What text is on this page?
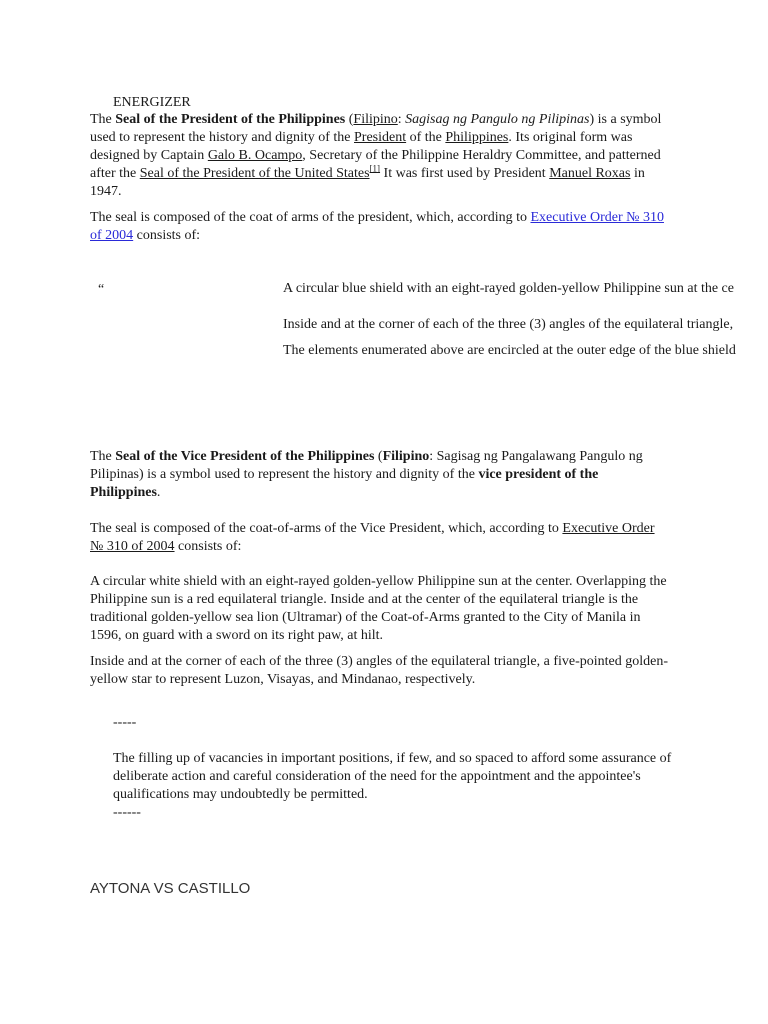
ENERGIZER
The Seal of the President of the Philippines (Filipino: Sagisag ng Pangulo ng Pilipinas) is a symbol used to represent the history and dignity of the President of the Philippines. Its original form was designed by Captain Galo B. Ocampo, Secretary of the Philippine Heraldry Committee, and patterned after the Seal of the President of the United States[1] It was first used by President Manuel Roxas in 1947.
The seal is composed of the coat of arms of the president, which, according to Executive Order № 310 of 2004 consists of:
“	A circular blue shield with an eight-rayed golden-yellow Philippine sun at the ce
Inside and at the corner of each of the three (3) angles of the equilateral triangle,
The elements enumerated above are encircled at the outer edge of the blue shield
The Seal of the Vice President of the Philippines (Filipino: Sagisag ng Pangalawang Pangulo ng Pilipinas) is a symbol used to represent the history and dignity of the vice president of the Philippines.
The seal is composed of the coat-of-arms of the Vice President, which, according to Executive Order № 310 of 2004 consists of:
A circular white shield with an eight-rayed golden-yellow Philippine sun at the center. Overlapping the Philippine sun is a red equilateral triangle. Inside and at the center of the equilateral triangle is the traditional golden-yellow sea lion (Ultramar) of the Coat-of-Arms granted to the City of Manila in 1596, on guard with a sword on its right paw, at hilt.
Inside and at the corner of each of the three (3) angles of the equilateral triangle, a five-pointed golden-yellow star to represent Luzon, Visayas, and Mindanao, respectively.
-----
The filling up of vacancies in important positions, if few, and so spaced to afford some assurance of deliberate action and careful consideration of the need for the appointment and the appointee's qualifications may undoubtedly be permitted.
------
AYTONA VS CASTILLO
